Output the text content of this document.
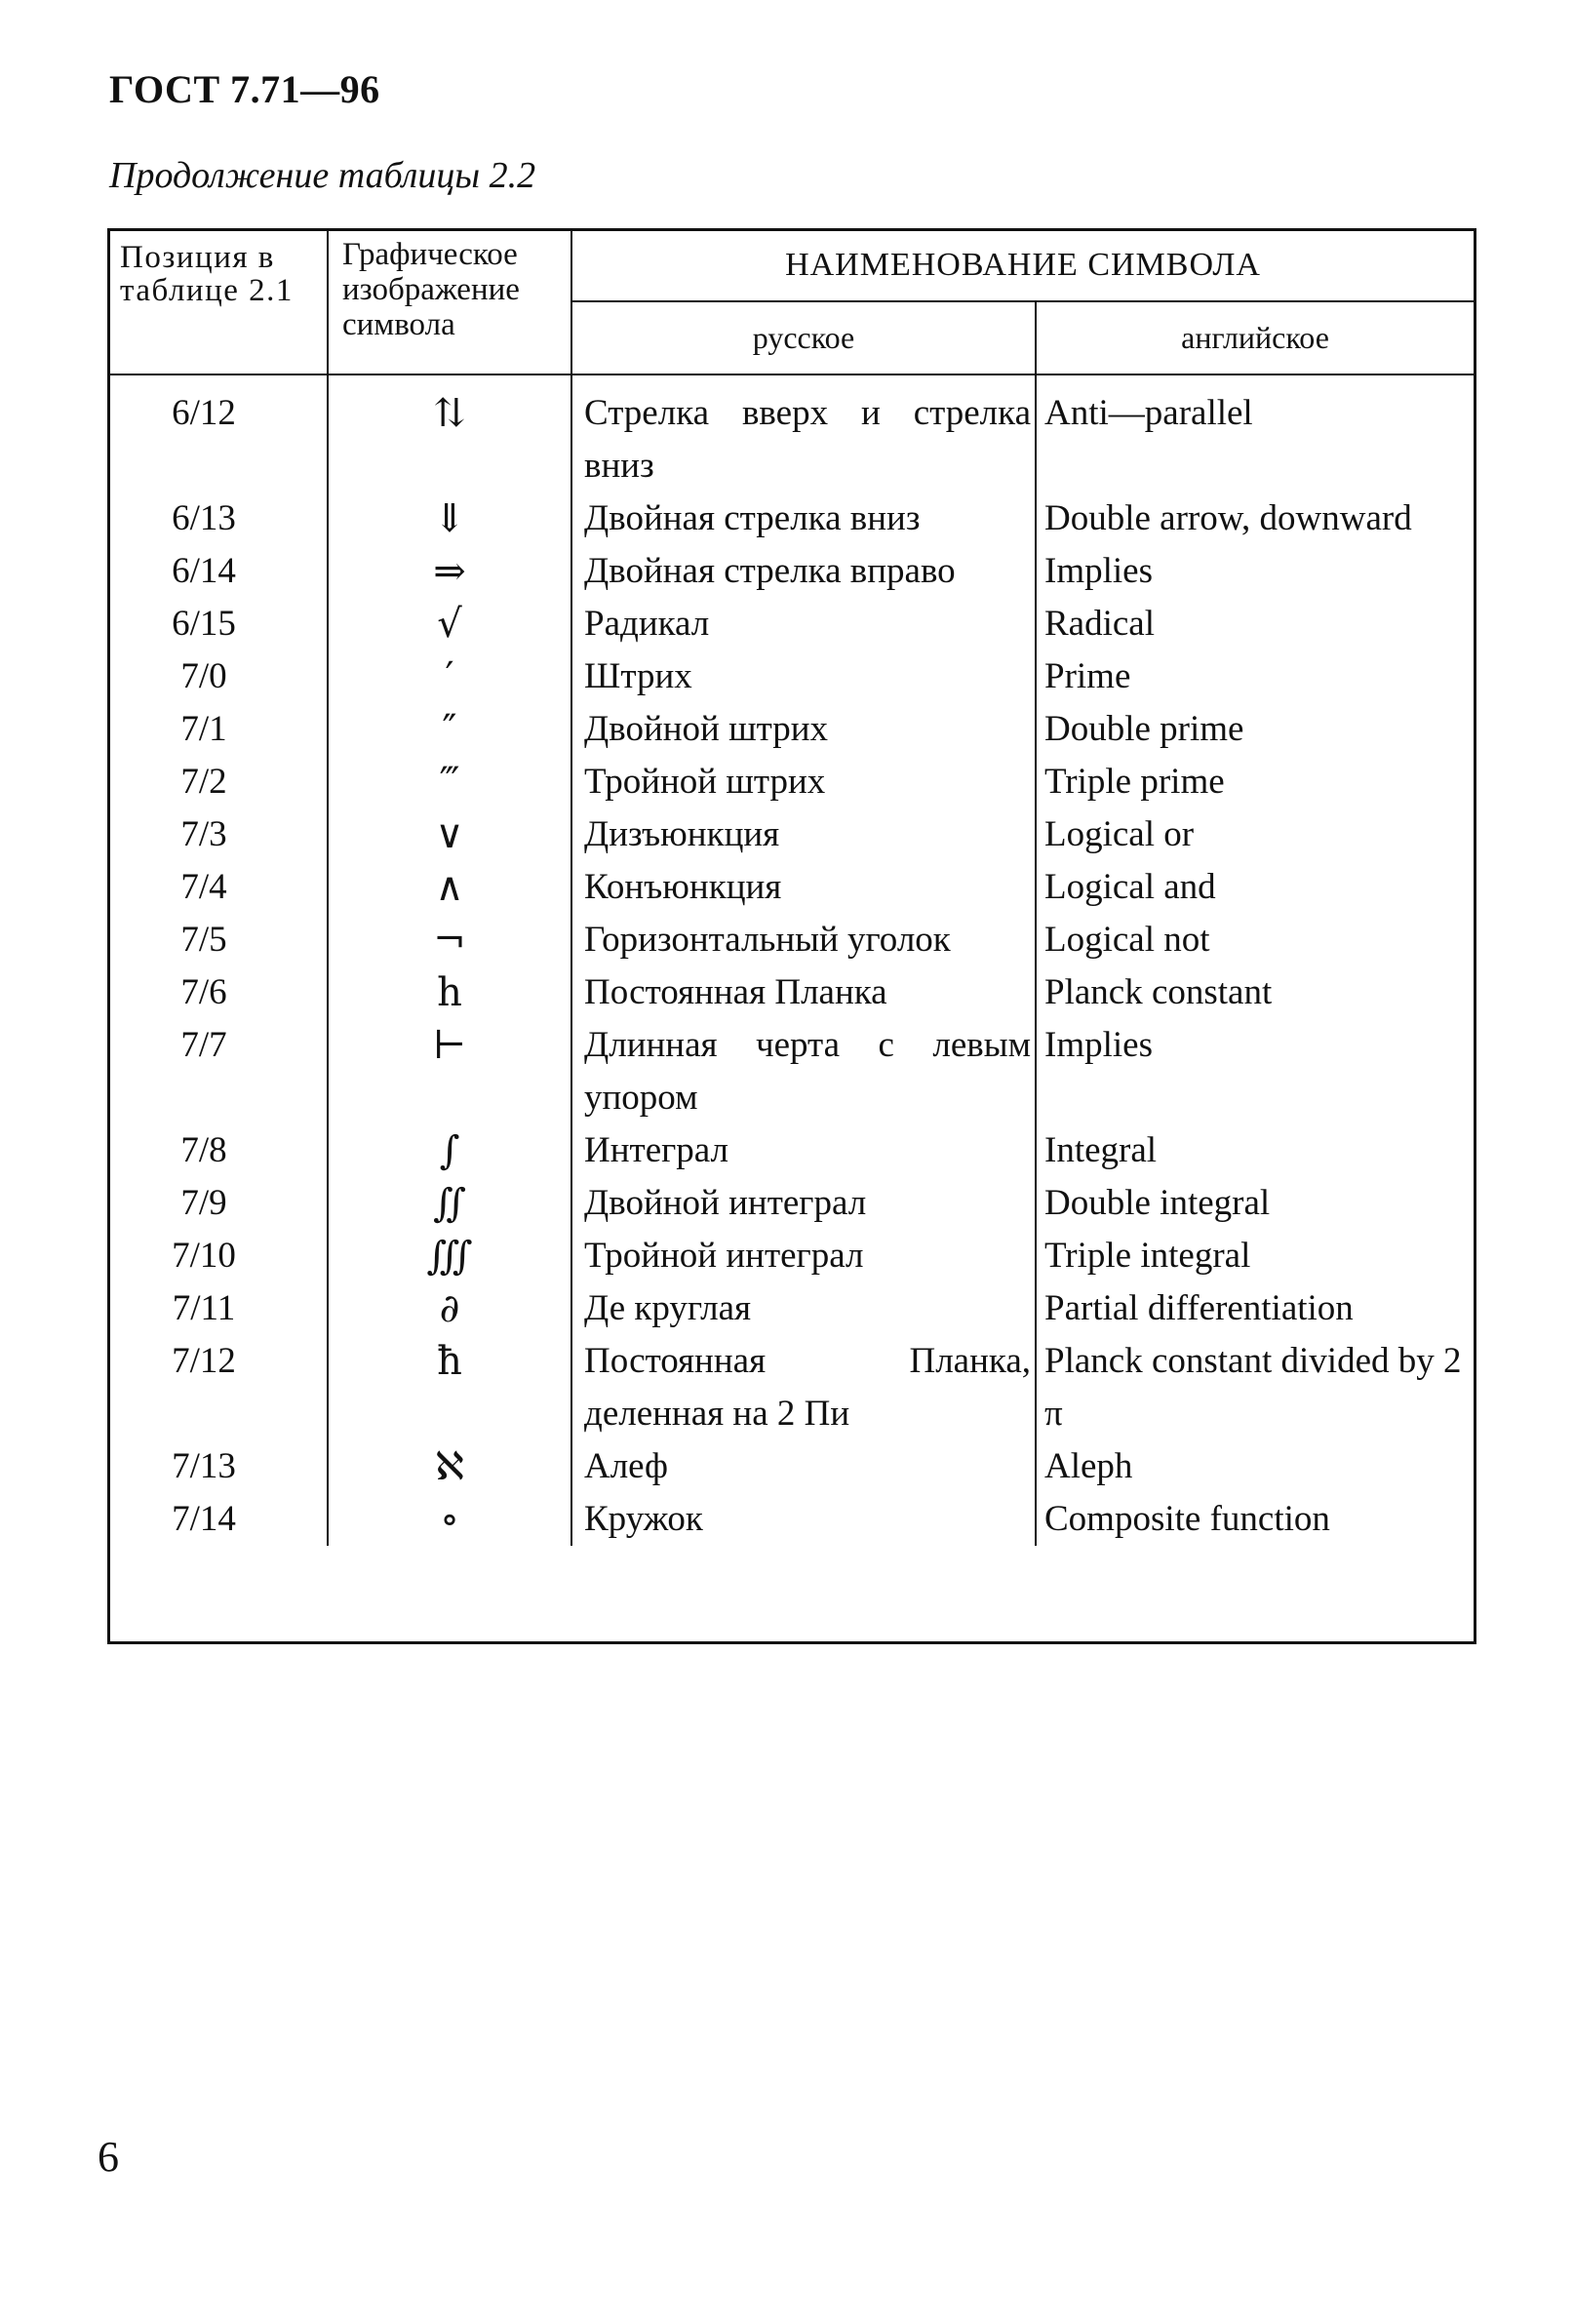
ГОСТ 7.71—96
Продолжение таблицы 2.2
Позиция в таблице 2.1	Графическое изображение символа	НАИМЕНОВАНИЕ СИМВОЛА	
		русское	английское
6/12	⇅	Стрелка вверх и стрелка вниз	Anti—parallel
6/13	⇓	Двойная стрелка вниз	Double arrow, downward
6/14	⇒	Двойная стрелка вправо	Implies
6/15	√	Радикал	Radical
7/0	′	Штрих	Prime
7/1	″	Двойной штрих	Double prime
7/2	‴	Тройной штрих	Triple prime
7/3	∨	Дизъюнкция	Logical or
7/4	∧	Конъюнкция	Logical and
7/5	¬	Горизонтальный уголок	Logical not
7/6	h	Постоянная Планка	Planck constant
7/7	⊢	Длинная черта с левым упором	Implies
7/8	∫	Интеграл	Integral
7/9	∬	Двойной интеграл	Double integral
7/10	∭	Тройной интеграл	Triple integral
7/11	∂	Де круглая	Partial differentiation
7/12	ħ	Постоянная Планка, деленная на 2 Пи	Planck constant divided by 2 π
7/13	ℵ	Алеф	Aleph
7/14	∘	Кружок	Composite function
6
